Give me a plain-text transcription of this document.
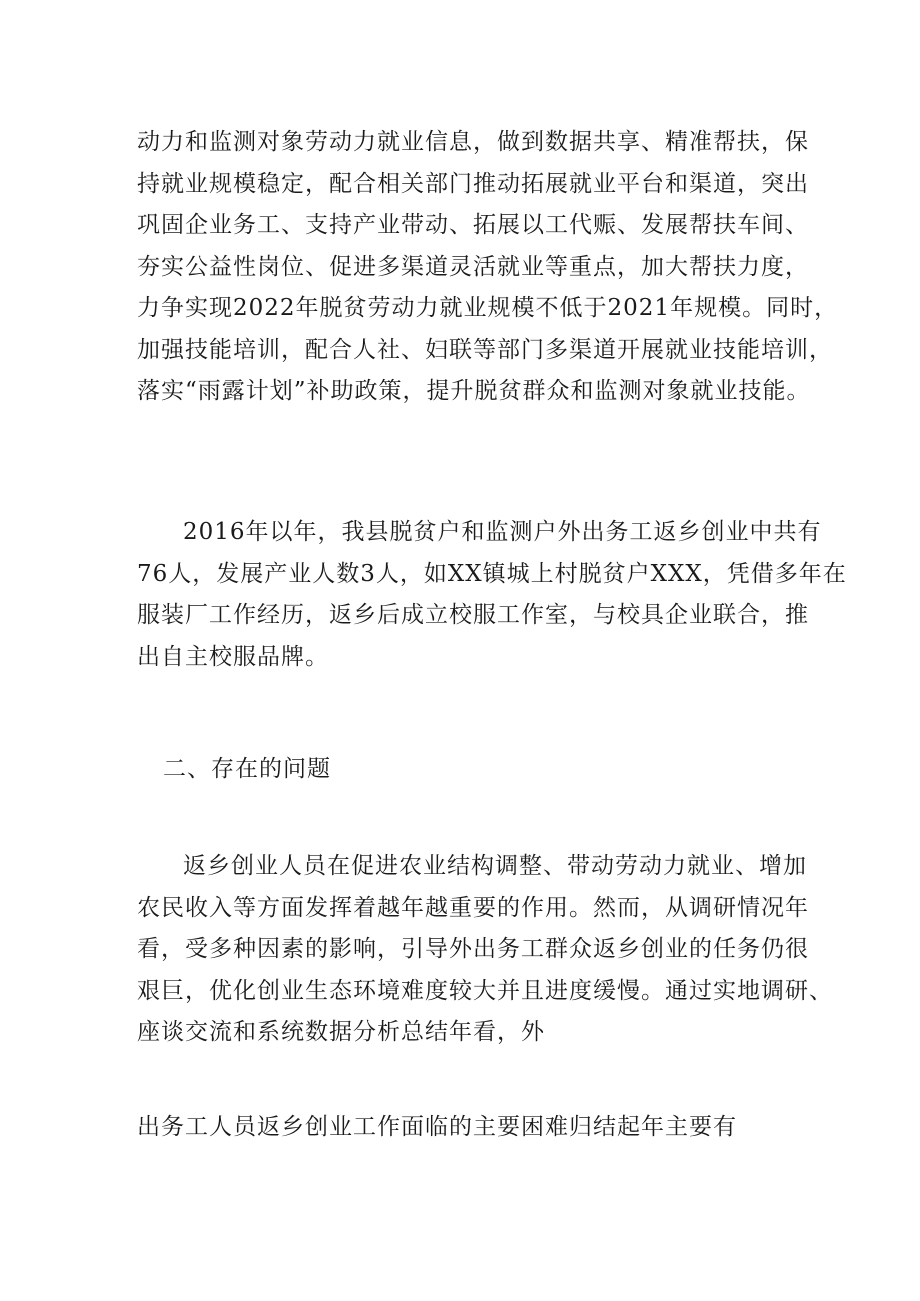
动力和监测对象劳动力就业信息，做到数据共享、精准帮扶，保
持就业规模稳定，配合相关部门推动拓展就业平台和渠道，突出
巩固企业务工、支持产业带动、拓展以工代赈、发展帮扶车间、
夯实公益性岗位、促进多渠道灵活就业等重点，加大帮扶力度，
力争实现2022年脱贫劳动力就业规模不低于2021年规模。同时，
加强技能培训，配合人社、妇联等部门多渠道开展就业技能培训，
落实“雨露计划”补助政策，提升脱贫群众和监测对象就业技能。
2016年以年，我县脱贫户和监测户外出务工返乡创业中共有
76人，发展产业人数3人，如XX镇城上村脱贫户XXX，凭借多年在
服装厂工作经历，返乡后成立校服工作室，与校具企业联合，推
出自主校服品牌。
二、存在的问题
返乡创业人员在促进农业结构调整、带动劳动力就业、增加
农民收入等方面发挥着越年越重要的作用。然而，从调研情况年
看，受多种因素的影响，引导外出务工群众返乡创业的任务仍很
艰巨，优化创业生态环境难度较大并且进度缓慢。通过实地调研、
座谈交流和系统数据分析总结年看，外
出务工人员返乡创业工作面临的主要困难归结起年主要有
